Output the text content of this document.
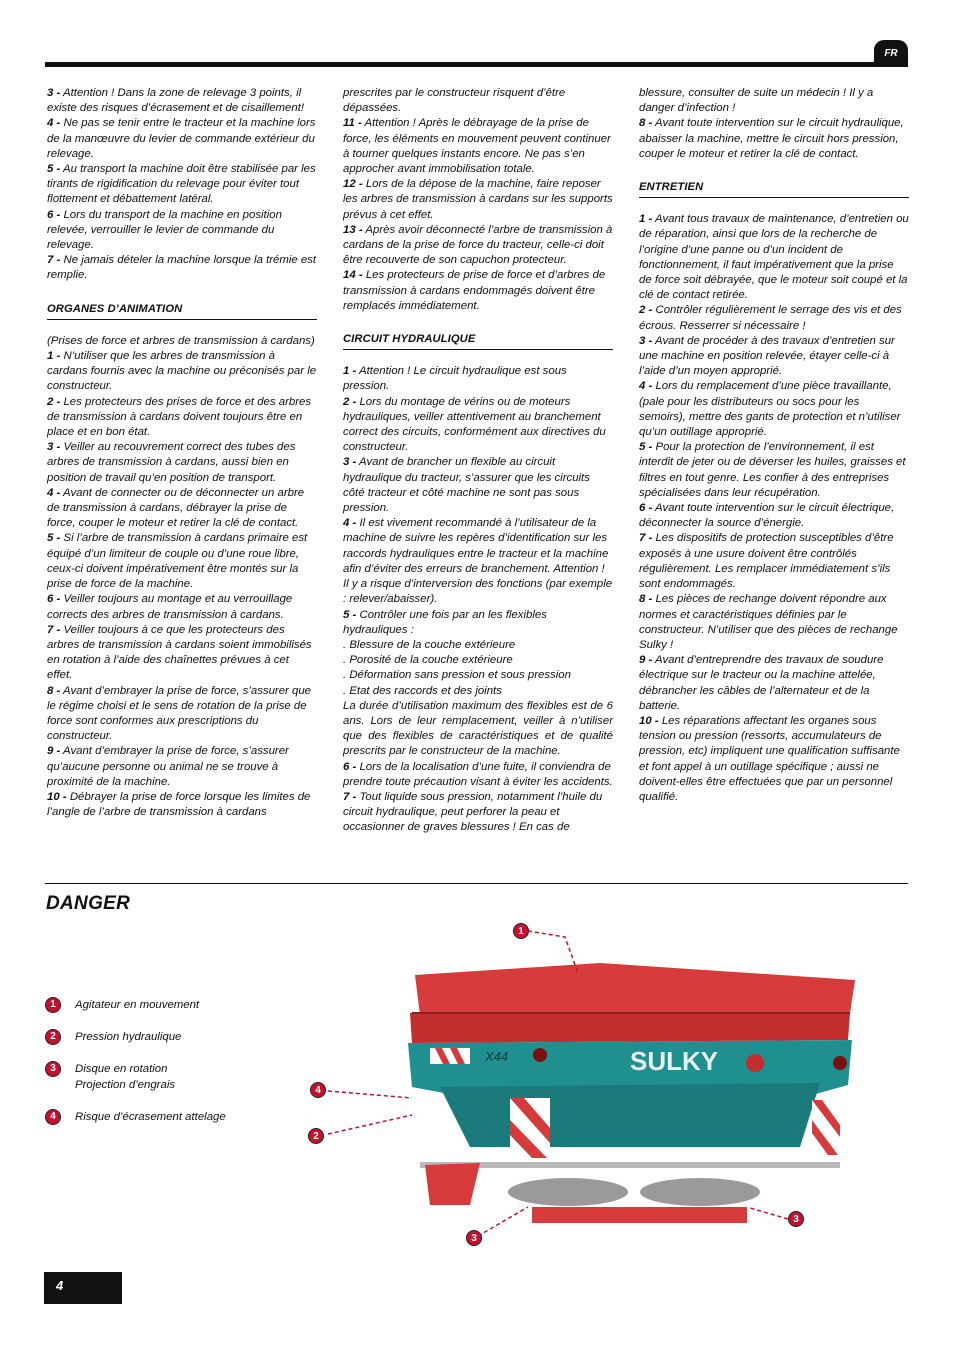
FR

3 - Attention ! Dans la zone de relevage 3 points, il existe des risques d’écrasement et de cisaillement!

4 - Ne pas se tenir entre le tracteur et la machine lors de la manœuvre du levier de commande extérieur du relevage.

5 - Au transport la machine doit être stabilisée par les tirants de rigidification du relevage pour éviter tout flottement et débattement latéral.

6 - Lors du transport de la machine en position relevée, verrouiller le levier de commande du relevage.

7 - Ne jamais dételer la machine lorsque la trémie est remplie.

ORGANES D’ANIMATION

(Prises de force et arbres de transmission à cardans)

1 - N’utiliser que les arbres de transmission à cardans fournis avec la machine ou préconisés par le constructeur.

2 - Les protecteurs des prises de force et des arbres de transmission à cardans doivent toujours être en place et en bon état.

3 - Veiller au recouvrement correct des tubes des arbres de transmission à cardans, aussi bien en position de travail qu’en position de transport.

4 - Avant de connecter ou de déconnecter un arbre de transmission à cardans, débrayer la prise de force, couper le moteur et retirer la clé de contact.

5 - Si l’arbre de transmission à cardans primaire est équipé d’un limiteur de couple ou d’une roue libre, ceux-ci doivent impérativement être montés sur la prise de force de la machine.

6 - Veiller toujours au montage et au verrouillage corrects des arbres de transmission à cardans.

7 - Veiller toujours à ce que les protecteurs des arbres de transmission à cardans soient immobilisés en rotation à l’aide des chaînettes prévues à cet effet.

8 - Avant d’embrayer la prise de force, s’assurer que le régime choisi et le sens de rotation de la prise de force sont conformes aux prescriptions du constructeur.

9 - Avant d’embrayer la prise de force, s’assurer qu’aucune personne ou animal ne se trouve à proximité de la machine.

10 - Débrayer la prise de force lorsque les limites de l’angle de l’arbre de transmission à cardans

prescrites par le constructeur risquent d’être dépassées.

11 - Attention ! Après le débrayage de la prise de force, les éléments en mouvement peuvent continuer à tourner quelques instants encore. Ne pas s’en approcher avant immobilisation totale.

12 - Lors de la dépose de la machine, faire reposer les arbres de transmission à cardans sur les supports prévus à cet effet.

13 - Après avoir déconnecté l’arbre de transmission à cardans de la prise de force du tracteur, celle-ci doit être recouverte de son capuchon protecteur.

14 - Les protecteurs de prise de force et d’arbres de transmission à cardans endommagés doivent être remplacés immédiatement.

CIRCUIT HYDRAULIQUE

1 - Attention ! Le circuit hydraulique est sous pression.

2 - Lors du montage de vérins ou de moteurs hydrauliques, veiller attentivement au branchement correct des circuits, conformément aux directives du constructeur.

3 - Avant de brancher un flexible au circuit hydraulique du tracteur, s’assurer que les circuits côté tracteur et côté machine ne sont pas sous pression.

4 - Il est vivement recommandé à l’utilisateur de la machine de suivre les repères d’identification sur les raccords hydrauliques entre le tracteur et la machine afin d’éviter des erreurs de branchement. Attention ! Il y a risque d’interversion des fonctions (par exemple : relever/abaisser).

5 - Contrôler une fois par an les flexibles hydrauliques :

. Blessure de la couche extérieure

. Porosité de la couche extérieure

. Déformation sans pression et sous pression

. Etat des raccords et des joints

La durée d’utilisation maximum des flexibles est de 6 ans. Lors de leur remplacement, veiller à n’utiliser que des flexibles de caractéristiques et de qualité prescrits par le constructeur de la machine.

6 - Lors de la localisation d’une fuite, il conviendra de prendre toute précaution visant à éviter les accidents.

7 - Tout liquide sous pression, notamment l’huile du circuit hydraulique, peut perforer la peau et occasionner de graves blessures ! En cas de

blessure, consulter de suite un médecin ! Il y a danger d’infection !

8 - Avant toute intervention sur le circuit hydraulique, abaisser la machine, mettre le circuit hors pression, couper le moteur et retirer la clé de contact.

ENTRETIEN

1 - Avant tous travaux de maintenance, d’entretien ou de réparation, ainsi que lors de la recherche de l’origine d’une panne ou d’un incident de fonctionnement, il faut impérativement que la prise de force soit débrayée, que le moteur soit coupé et la clé de contact retirée.

2 - Contrôler régulièrement le serrage des vis et des écrous. Resserrer si nécessaire !

3 - Avant de procéder à des travaux d’entretien sur une machine en position relevée, étayer celle-ci à l’aide d’un moyen approprié.

4 - Lors du remplacement d’une pièce travaillante, (pale pour les distributeurs ou socs pour les semoirs), mettre des gants de protection et n’utiliser qu’un outillage approprié.

5 - Pour la protection de l’environnement, il est interdit de jeter ou de déverser les huiles, graisses et filtres en tout genre. Les confier à des entreprises spécialisées dans leur récupération.

6 - Avant toute intervention sur le circuit électrique, déconnecter la source d’énergie.

7 - Les dispositifs de protection susceptibles d’être exposés à une usure doivent être contrôlés régulièrement. Les remplacer immédiatement s’ils sont endommagés.

8 - Les pièces de rechange doivent répondre aux normes et caractéristiques définies par le constructeur. N’utiliser que des pièces de rechange Sulky !

9 - Avant d’entreprendre des travaux de soudure électrique sur le tracteur ou la machine attelée, débrancher les câbles de l’alternateur et de la batterie.

10 - Les réparations affectant les organes sous tension ou pression (ressorts, accumulateurs de pression, etc) impliquent une qualification suffisante et font appel à un outillage spécifique ; aussi ne doivent-elles être effectuées que par un personnel qualifié.

DANGER
1	Agitateur en mouvement
2	Pression hydraulique
3	Disque en rotation
Projection d’engrais
4	Risque d’écrasement attelage
X44	SULKY
1
4
2
3
3
4
